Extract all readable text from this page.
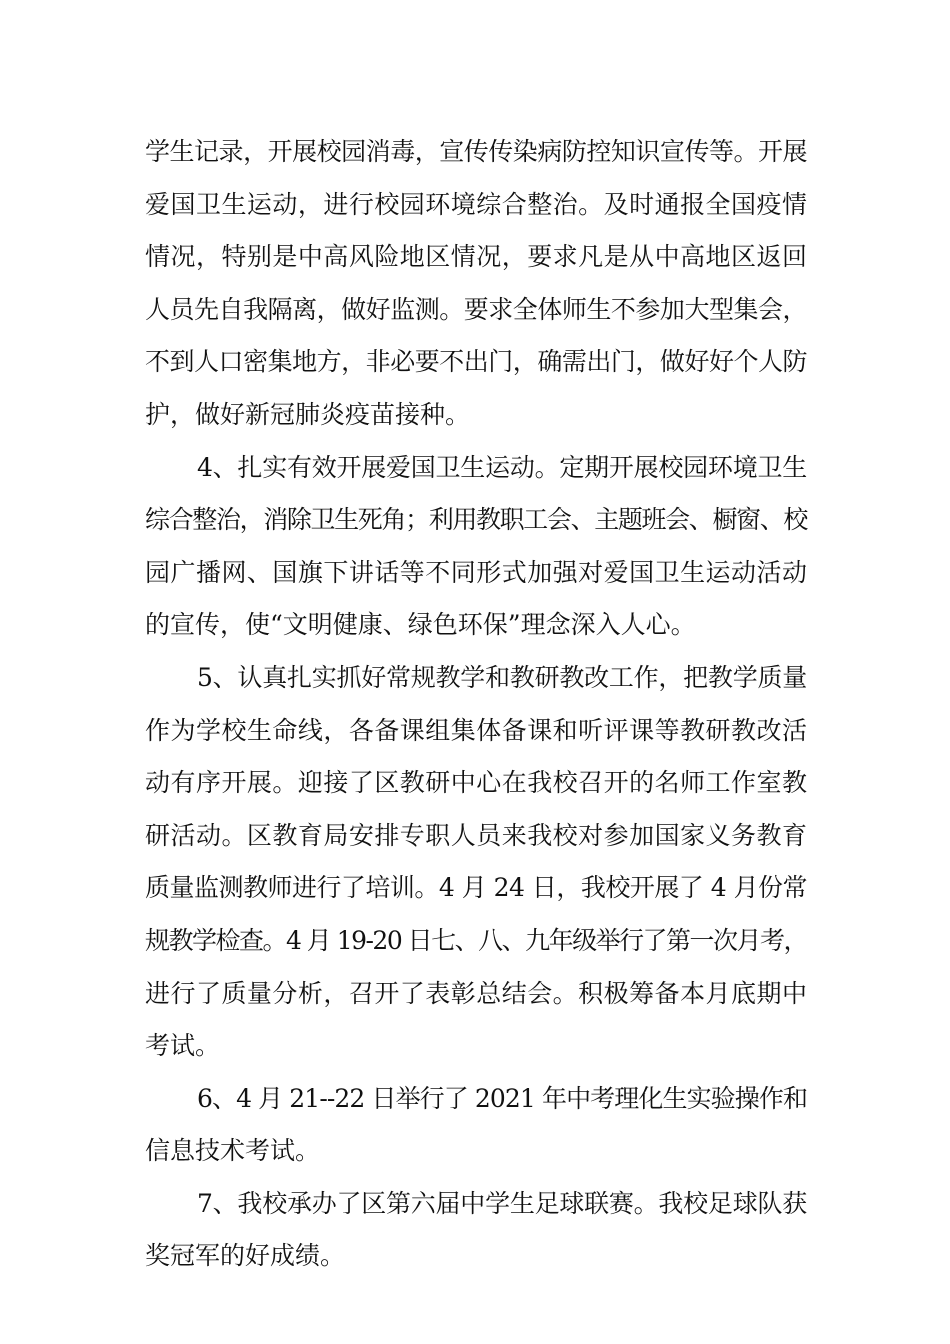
学生记录，开展校园消毒，宣传传染病防控知识宣传等。开展
爱国卫生运动，进行校园环境综合整治。及时通报全国疫情
情况，特别是中高风险地区情况，要求凡是从中高地区返回
人员先自我隔离，做好监测。要求全体师生不参加大型集会，
不到人口密集地方，非必要不出门，确需出门，做好好个人防
护，做好新冠肺炎疫苗接种。
4、扎实有效开展爱国卫生运动。定期开展校园环境卫生
综合整治，消除卫生死角；利用教职工会、主题班会、橱窗、校
园广播网、国旗下讲话等不同形式加强对爱国卫生运动活动
的宣传，使“文明健康、绿色环保”理念深入人心。
5、认真扎实抓好常规教学和教研教改工作，把教学质量
作为学校生命线，各备课组集体备课和听评课等教研教改活
动有序开展。迎接了区教研中心在我校召开的名师工作室教
研活动。区教育局安排专职人员来我校对参加国家义务教育
质量监测教师进行了培训。4 月 24 日，我校开展了 4 月份常
规教学检查。4 月 19-20 日七、八、九年级举行了第一次月考，
进行了质量分析，召开了表彰总结会。积极筹备本月底期中
考试。
6、4 月 21--22 日举行了 2021 年中考理化生实验操作和
信息技术考试。
7、我校承办了区第六届中学生足球联赛。我校足球队获
奖冠军的好成绩。
